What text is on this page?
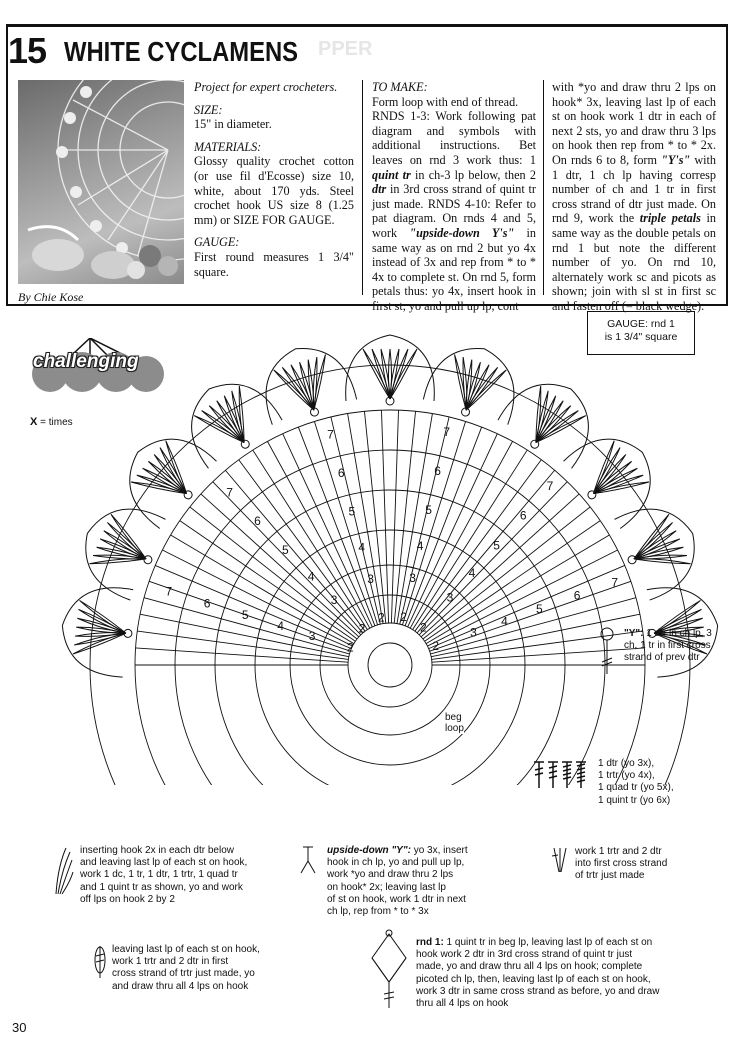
15 WHITE CYCLAMENS PPER
By Chie Kose

Project for expert crocheters.

SIZE:

15" in diameter.

MATERIALS:

Glossy quality crochet cotton (or use fil d'Ecosse) size 10, white, about 170 yds. Steel crochet hook US size 8 (1.25 mm) or SIZE FOR GAUGE.

GAUGE:

First round measures 1 3/4" square.

TO MAKE:

Form loop with end of thread.

RNDS 1-3: Work following pat diagram and symbols with additional instructions. Bet leaves on rnd 3 work thus: 1 quint tr in ch-3 lp below, then 2 dtr in 3rd cross strand of quint tr just made. RNDS 4-10: Refer to pat diagram. On rnds 4 and 5, work "upside-down Y's" in same way as on rnd 2 but yo 4x instead of 3x and rep from * to * 4x to complete st. On rnd 5, form petals thus: yo 4x, insert hook in first st, yo and pull up lp, cont

with *yo and draw thru 2 lps on hook* 3x, leaving last lp of each st on hook work 1 dtr in each of next 2 sts, yo and draw thru 3 lps on hook then rep from * to * 2x. On rnds 6 to 8, form "Y's" with 1 dtr, 1 ch lp having corresp number of ch and 1 tr in first cross strand of dtr just made. On rnd 9, work the triple petals in same way as the double petals on rnd 1 but note the different number of yo. On rnd 10, alternately work sc and picots as shown; join with sl st in first sc and fasten off (= black wedge).

GAUGE: rnd 1
is 1 3/4" square
challenging
X = times
2
2
2 2
2
2
3
3
3	3
3
3
4
4
4	4
4
4
5
5
5	5
5
5
6
6
6	6
6
6
7
7
7	7
7
7
beg
loop
"Y": 1 dtr in ch lp, 3 ch, 1 tr in first cross strand of prev dtr
1 dtr (yo 3x),
1 trtr (yo 4x),
1 quad tr (yo 5x),
1 quint tr (yo 6x)
inserting hook 2x in each dtr below
and leaving last lp of each st on hook,
work 1 dc, 1 tr, 1 dtr, 1 trtr, 1 quad tr
and 1 quint tr as shown, yo and work
off lps on hook 2 by 2
upside-down "Y": yo 3x, insert
hook in ch lp, yo and pull up lp,
work *yo and draw thru 2 lps
on hook* 2x; leaving last lp
of st on hook, work 1 dtr in next
ch lp, rep from * to * 3x
work 1 trtr and 2 dtr
into first cross strand
of trtr just made
leaving last lp of each st on hook,
work 1 trtr and 2 dtr in first
cross strand of trtr just made, yo
and draw thru all 4 lps on hook
rnd 1: 1 quint tr in beg lp, leaving last lp of each st on
hook work 2 dtr in 3rd cross strand of quint tr just
made, yo and draw thru all 4 lps on hook; complete
picoted ch lp, then, leaving last lp of each st on hook,
work 3 dtr in same cross strand as before, yo and draw
thru all 4 lps on hook
30
